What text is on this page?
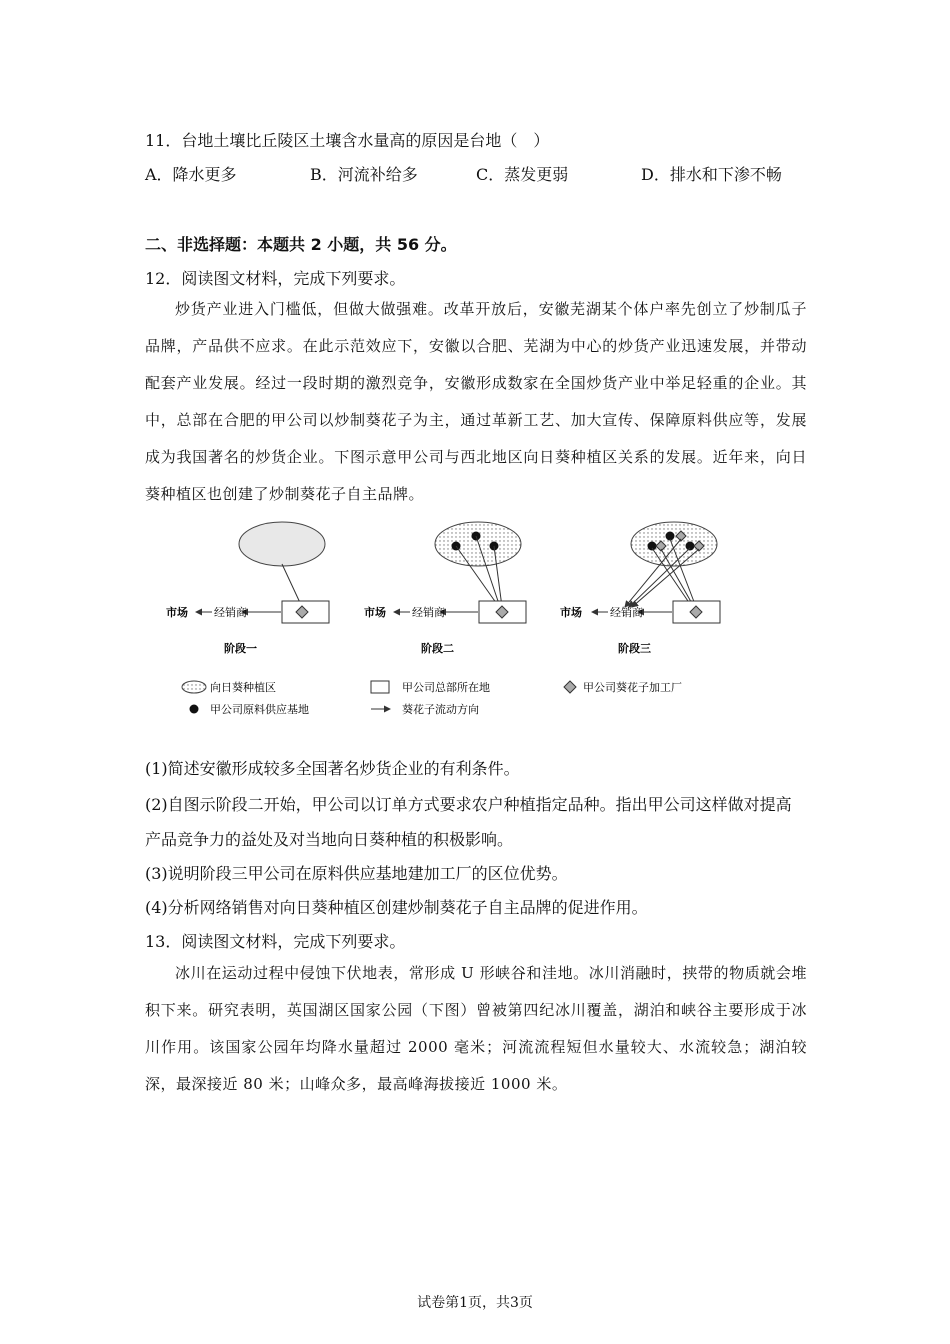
11．台地土壤比丘陵区土壤含水量高的原因是台地（　）
A．降水更多	B．河流补给多	C．蒸发更弱	D．排水和下渗不畅
二、非选择题：本题共 2 小题，共 56 分。
12．阅读图文材料，完成下列要求。
炒货产业进入门槛低，但做大做强难。改革开放后，安徽芜湖某个体户率先创立了炒制瓜子品牌，产品供不应求。在此示范效应下，安徽以合肥、芜湖为中心的炒货产业迅速发展，并带动配套产业发展。经过一段时期的激烈竞争，安徽形成数家在全国炒货产业中举足轻重的企业。其中，总部在合肥的甲公司以炒制葵花子为主，通过革新工艺、加大宣传、保障原料供应等，发展成为我国著名的炒货企业。下图示意甲公司与西北地区向日葵种植区关系的发展。近年来，向日葵种植区也创建了炒制葵花子自主品牌。
经销商
市场
阶段一
经销商
市场
阶段二
经销商
市场
阶段三
向日葵种植区	甲公司总部所在地	甲公司葵花子加工厂
甲公司原料供应基地	葵花子流动方向
(1)简述安徽形成较多全国著名炒货企业的有利条件。
(2)自图示阶段二开始，甲公司以订单方式要求农户种植指定品种。指出甲公司这样做对提高
产品竞争力的益处及对当地向日葵种植的积极影响。
(3)说明阶段三甲公司在原料供应基地建加工厂的区位优势。
(4)分析网络销售对向日葵种植区创建炒制葵花子自主品牌的促进作用。
13．阅读图文材料，完成下列要求。
冰川在运动过程中侵蚀下伏地表，常形成 U 形峡谷和洼地。冰川消融时，挟带的物质就会堆积下来。研究表明，英国湖区国家公园（下图）曾被第四纪冰川覆盖，湖泊和峡谷主要形成于冰川作用。该国家公园年均降水量超过 2000 毫米；河流流程短但水量较大、水流较急；湖泊较深，最深接近 80 米；山峰众多，最高峰海拔接近 1000 米。
试卷第1页，共3页
